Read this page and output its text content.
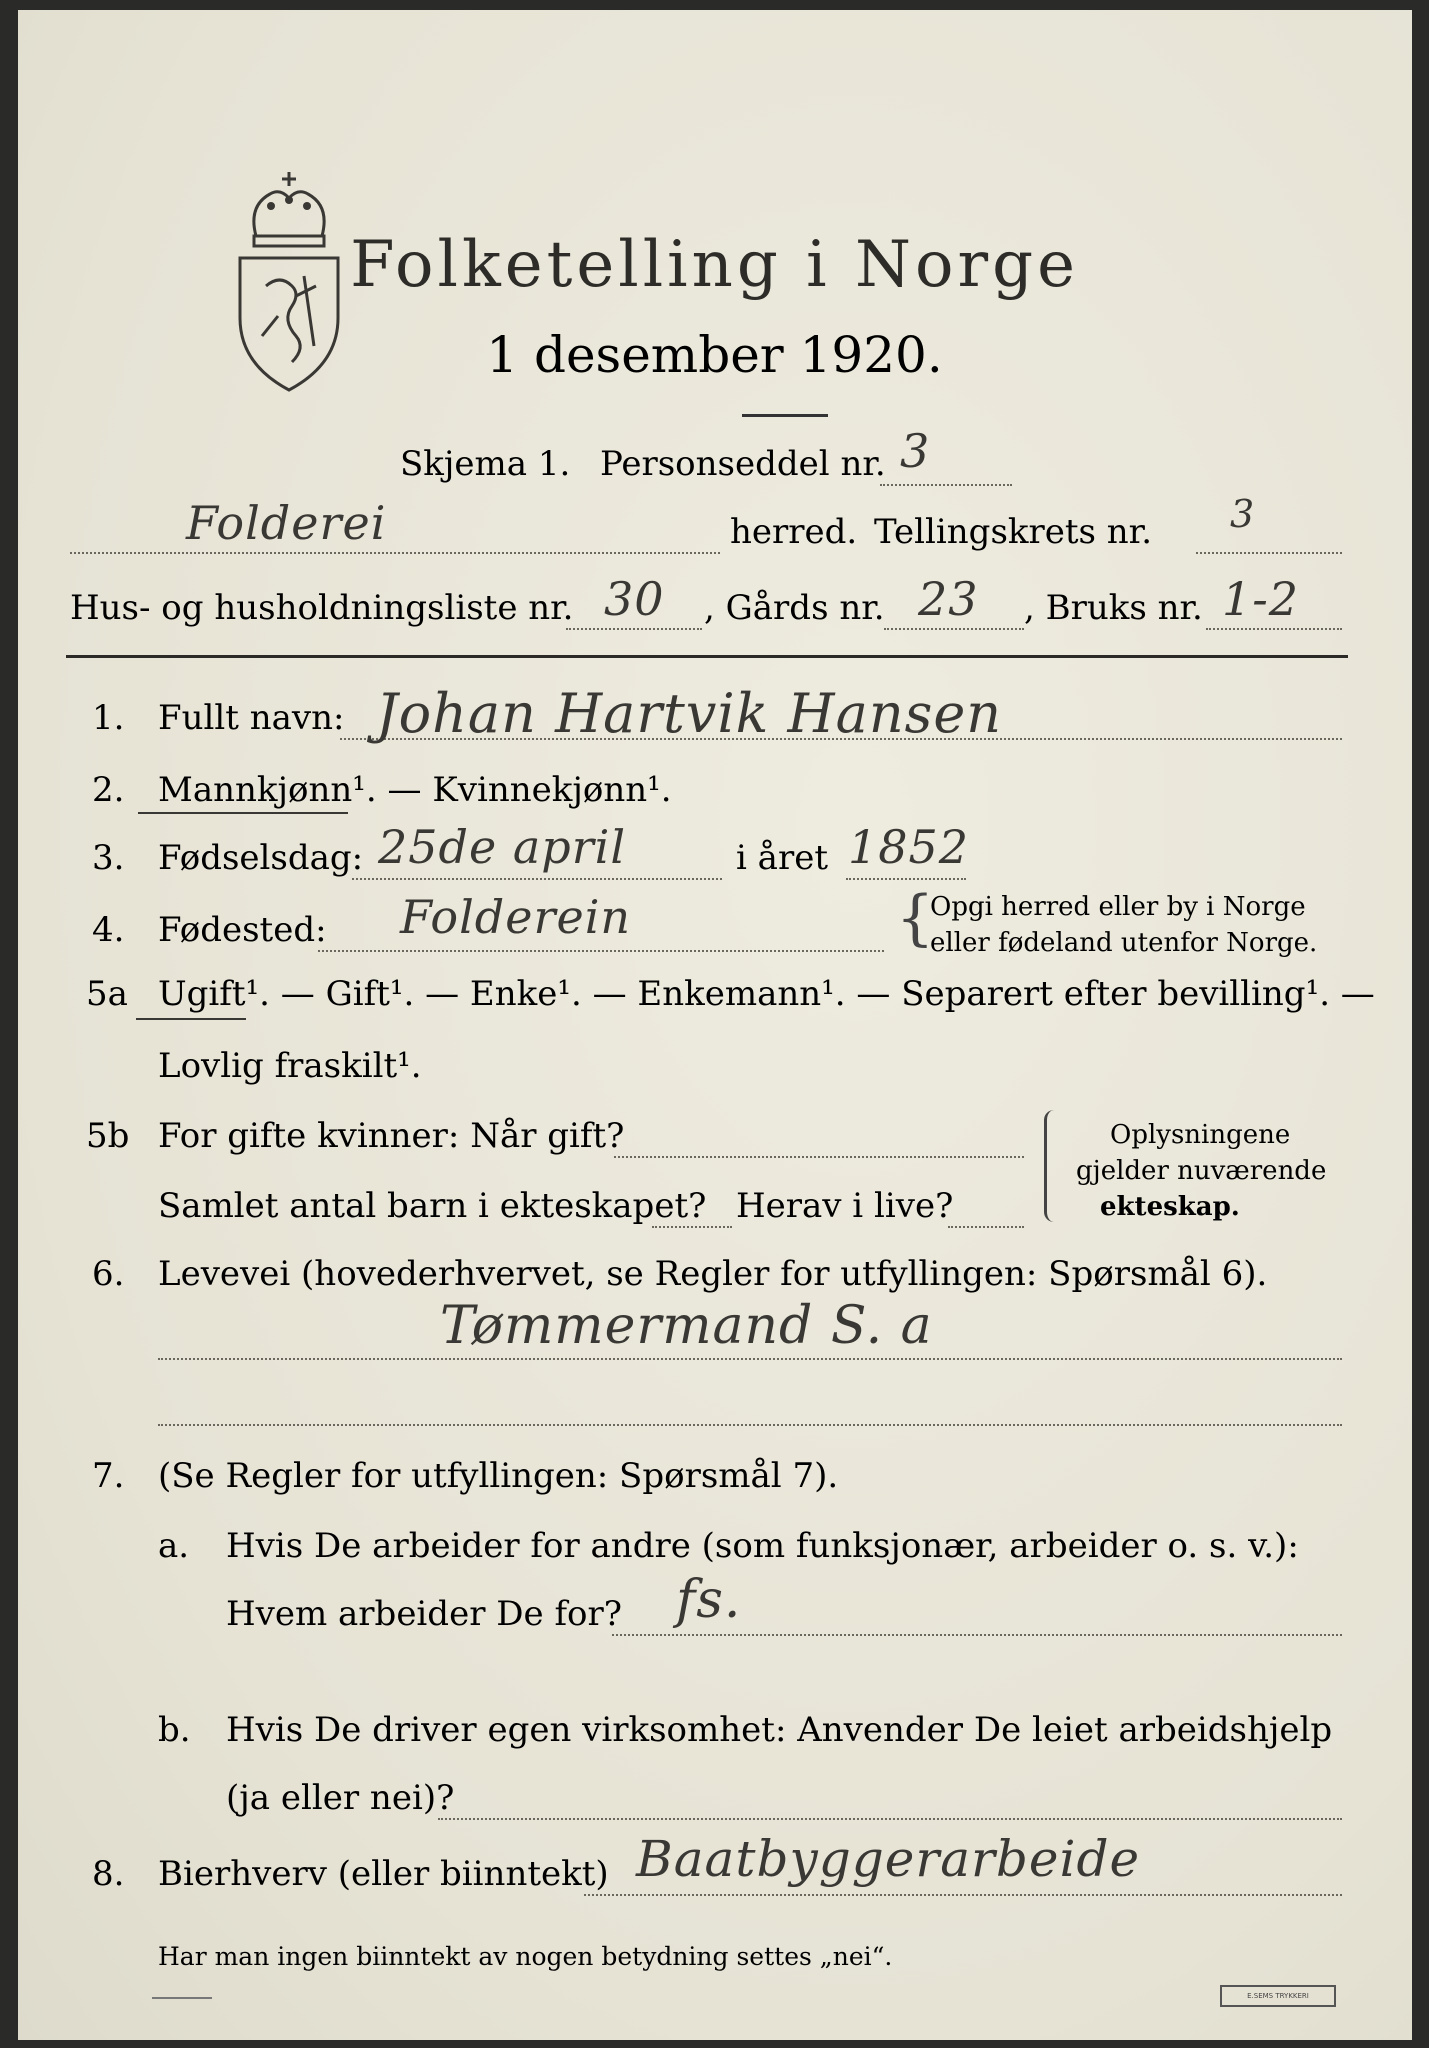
Folketelling i Norge
1 desember 1920.
Skjema 1. Personseddel nr. 3
Folderei	herred. Tellingskrets nr. 3
Hus- og husholdningsliste nr. 30 , Gårds nr. 23 , Bruks nr. 1-2
1. Fullt navn: Johan Hartvik Hansen
2. Mannkjønn¹. — Kvinnekjønn¹.
3. Fødselsdag: 25de april	i året 1852
4. Fødested: Folderein	{
Opgi herred eller by i Norge
eller fødeland utenfor Norge.
5a Ugift¹. — Gift¹. — Enke¹. — Enkemann¹. — Separert efter bevilling¹. —
Lovlig fraskilt¹.
5b For gifte kvinner: Når gift?
Samlet antal barn i ekteskapet? Herav i live?
Oplysningene
gjelder nuværende
ekteskap.
6. Levevei (hovederhvervet, se Regler for utfyllingen: Spørsmål 6).
Tømmermand S. a
7. (Se Regler for utfyllingen: Spørsmål 7).
a. Hvis De arbeider for andre (som funksjonær, arbeider o. s. v.):
Hvem arbeider De for? fs.
b. Hvis De driver egen virksomhet: Anvender De leiet arbeidshjelp
(ja eller nei)?
8. Bierhverv (eller biinntekt) Baatbyggerarbeide
Har man ingen biinntekt av nogen betydning settes „nei“.
E.SEMS TRYKKERI
